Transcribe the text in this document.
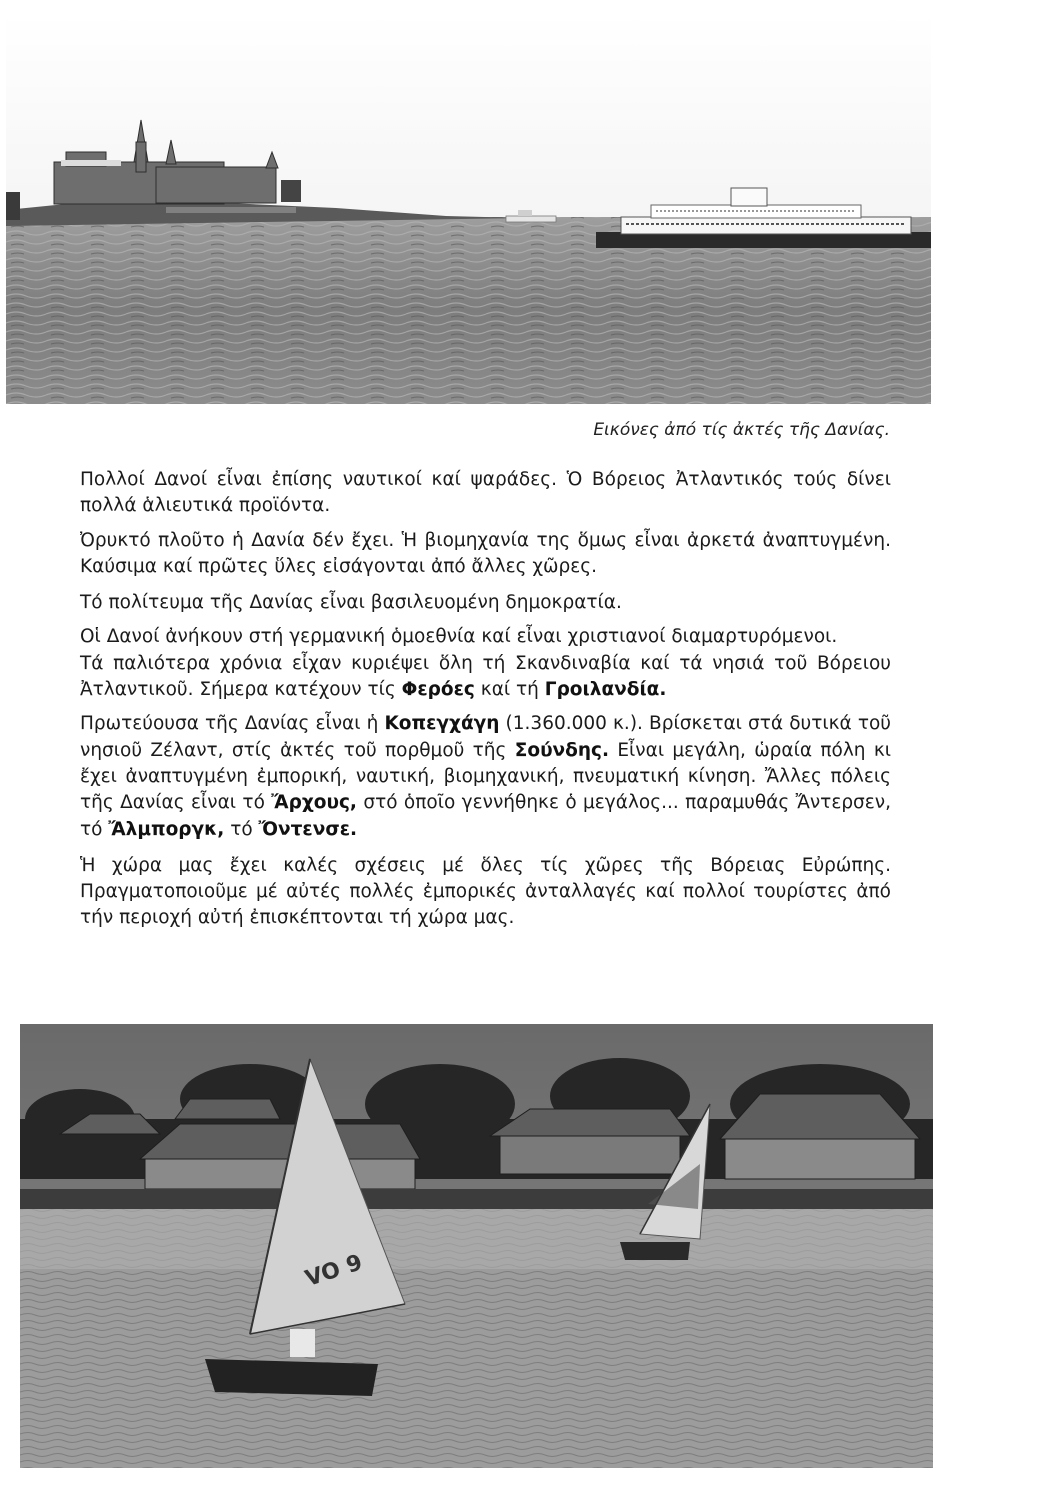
Εικόνες ἀπό τίς ἀκτές τῆς Δανίας.

Πολλοί Δανοί εἶναι ἐπίσης ναυτικοί καί ψαράδες. Ὁ Βόρειος Ἀτλαντικός τούς δίνει πολλά ἁλιευτικά προϊόντα.

Ὀρυκτό πλοῦτο ἡ Δανία δέν ἔχει. Ἡ βιομηχανία της ὅμως εἶναι ἀρκετά ἀναπτυγμένη. Καύσιμα καί πρῶτες ὕλες εἰσάγονται ἀπό ἄλλες χῶρες.

Τό πολίτευμα τῆς Δανίας εἶναι βασιλευομένη δημοκρατία.

Οἱ Δανοί ἀνήκουν στή γερμανική ὁμοεθνία καί εἶναι χριστιανοί διαμαρτυρόμενοι.

Τά παλιότερα χρόνια εἶχαν κυριέψει ὅλη τή Σκανδιναβία καί τά νησιά τοῦ Βόρειου Ἀτλαντικοῦ. Σήμερα κατέχουν τίς Φερόες καί τή Γροιλανδία.

Πρωτεύουσα τῆς Δανίας εἶναι ἡ Κοπεγχάγη (1.360.000 κ.). Βρίσκεται στά δυτικά τοῦ νησιοῦ Ζέλαντ, στίς ἀκτές τοῦ πορθμοῦ τῆς Σούνδης. Εἶναι μεγάλη, ὡραία πόλη κι ἔχει ἀναπτυγμένη ἐμπορική, ναυτική, βιομηχανική, πνευματική κίνηση. Ἄλλες πόλεις τῆς Δανίας εἶναι τό Ἄρχους, στό ὁποῖο γεννήθηκε ὁ μεγάλος... παραμυθάς Ἄντερσεν, τό Ἄλμποργκ, τό Ὄντενσε.

Ἡ χώρα μας ἔχει καλές σχέσεις μέ ὅλες τίς χῶρες τῆς Βόρειας Εὐρώπης. Πραγματοποιοῦμε μέ αὐτές πολλές ἐμπορικές ἀνταλλαγές καί πολλοί τουρίστες ἀπό τήν περιοχή αὐτή ἐπισκέπτονται τή χώρα μας.

VO 9
